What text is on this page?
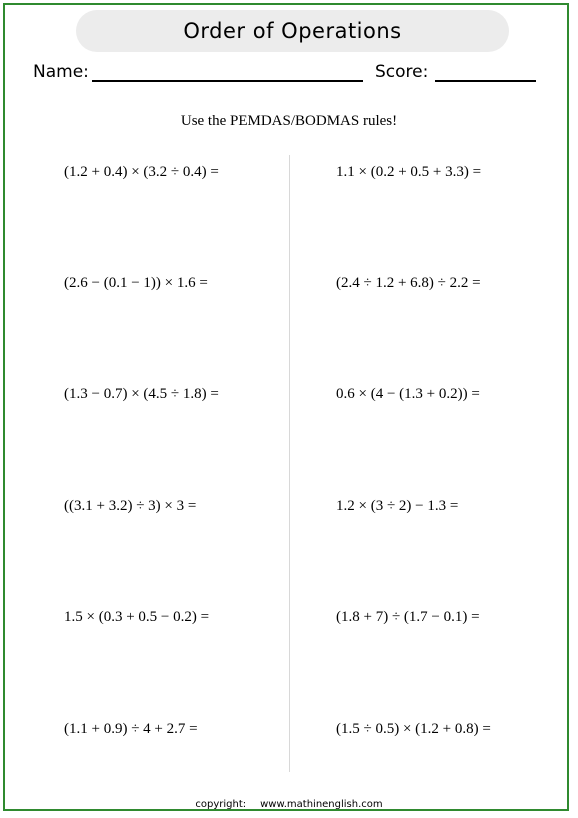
Order of Operations
Name:	Score:
Use the PEMDAS/BODMAS rules!
(1.2 + 0.4) × (3.2 ÷ 0.4) =
(2.6 − (0.1 − 1)) × 1.6 =
(1.3 − 0.7) × (4.5 ÷ 1.8) =
((3.1 + 3.2) ÷ 3) × 3 =
1.5 × (0.3 + 0.5 − 0.2) =
(1.1 + 0.9) ÷ 4 + 2.7 =
1.1 × (0.2 + 0.5 + 3.3) =
(2.4 ÷ 1.2 + 6.8) ÷ 2.2 =
0.6 × (4 − (1.3 + 0.2)) =
1.2 × (3 ÷ 2) − 1.3 =
(1.8 + 7) ÷ (1.7 − 0.1) =
(1.5 ÷ 0.5) × (1.2 + 0.8) =
copyright: www.mathinenglish.com
